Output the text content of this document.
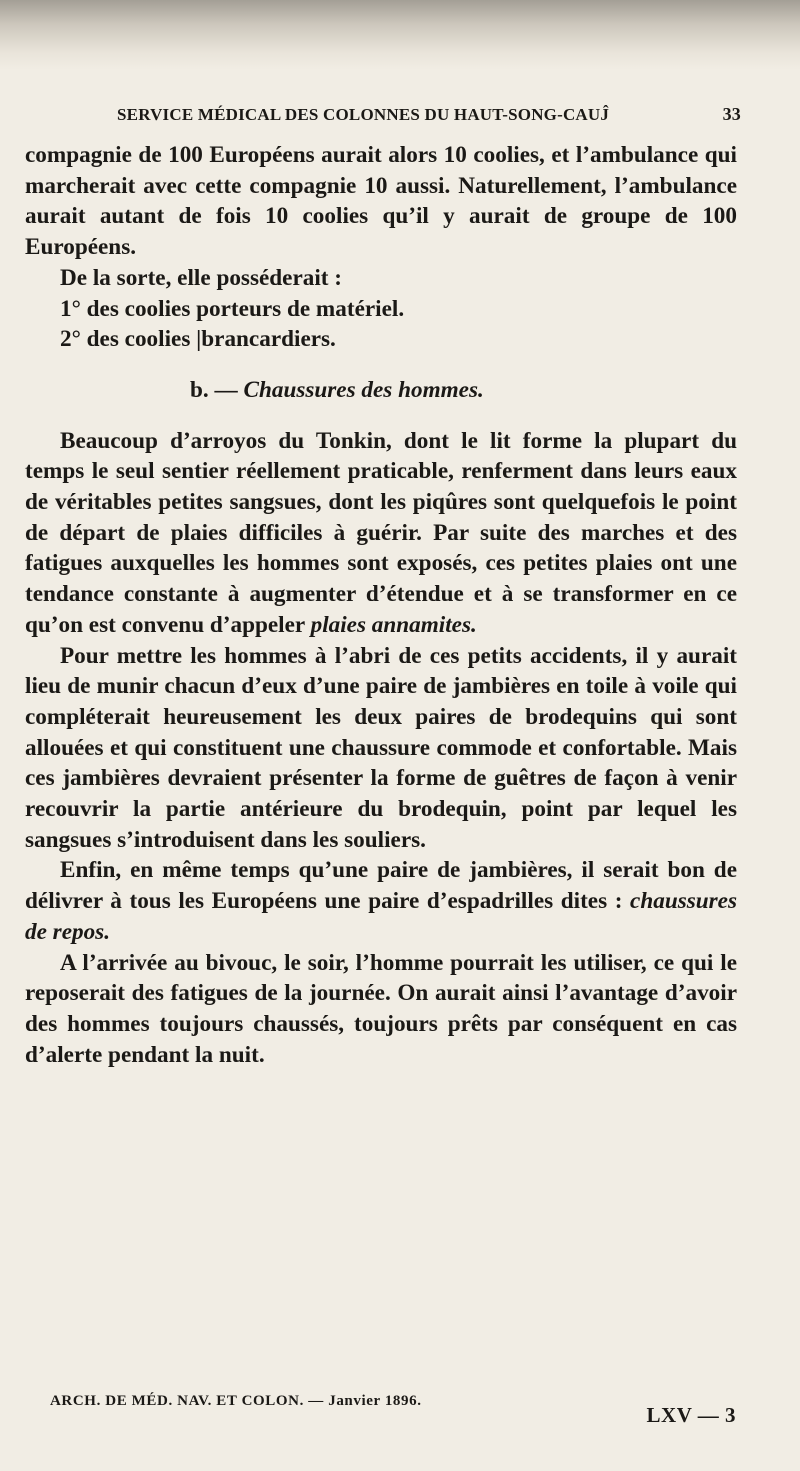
SERVICE MÉDICAL DES COLONNES DU HAUT-SONG-CAUĴ	33

compagnie de 100 Européens aurait alors 10 coolies, et l’ambulance qui marcherait avec cette compagnie 10 aussi. Naturellement, l’ambulance aurait autant de fois 10 coolies qu’il y aurait de groupe de 100 Européens.

De la sorte, elle posséderait :

1° des coolies porteurs de matériel.

2° des coolies |brancardiers.

b. — Chaussures des hommes.

Beaucoup d’arroyos du Tonkin, dont le lit forme la plupart du temps le seul sentier réellement praticable, renferment dans leurs eaux de véritables petites sangsues, dont les piqûres sont quelquefois le point de départ de plaies difficiles à guérir. Par suite des marches et des fatigues auxquelles les hommes sont exposés, ces petites plaies ont une tendance constante à augmenter d’étendue et à se transformer en ce qu’on est convenu d’appeler plaies annamites.

Pour mettre les hommes à l’abri de ces petits accidents, il y aurait lieu de munir chacun d’eux d’une paire de jambières en toile à voile qui compléterait heureusement les deux paires de brodequins qui sont allouées et qui constituent une chaussure commode et confortable. Mais ces jambières devraient présenter la forme de guêtres de façon à venir recouvrir la partie antérieure du brodequin, point par lequel les sangsues s’introduisent dans les souliers.

Enfin, en même temps qu’une paire de jambières, il serait bon de délivrer à tous les Européens une paire d’espadrilles dites : chaussures de repos.

A l’arrivée au bivouc, le soir, l’homme pourrait les utiliser, ce qui le reposerait des fatigues de la journée. On aurait ainsi l’avantage d’avoir des hommes toujours chaussés, toujours prêts par conséquent en cas d’alerte pendant la nuit.

ARCH. DE MÉD. NAV. ET COLON. — Janvier 1896.
LXV — 3
